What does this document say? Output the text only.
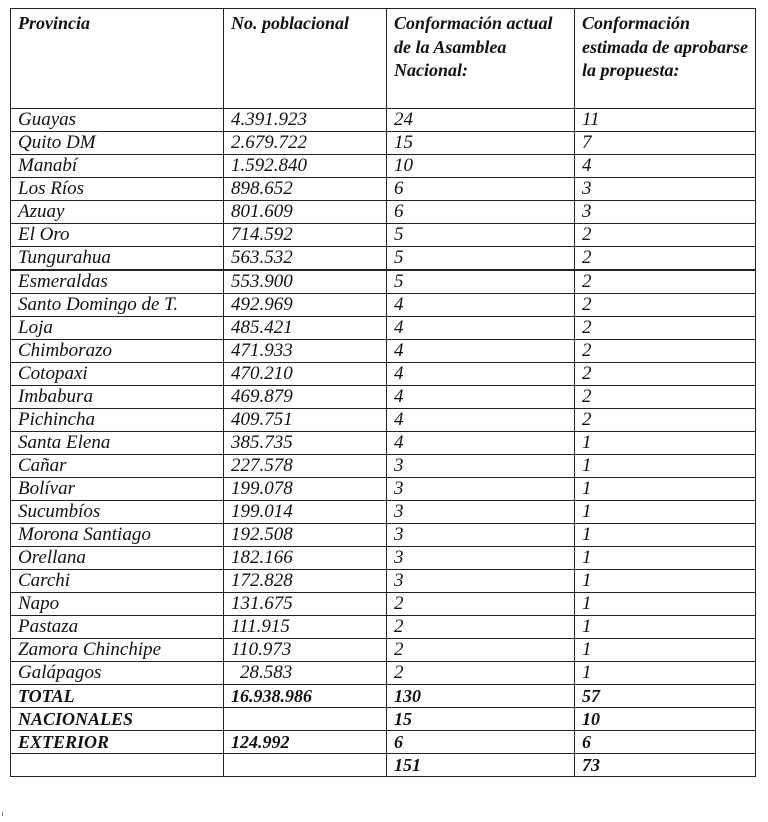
Provincia	No. poblacional	Conformación actual de la Asamblea Nacional:	Conformación estimada de aprobarse la propuesta:
Guayas	4.391.923	24	11
Quito DM	2.679.722	15	7
Manabí	1.592.840	10	4
Los Ríos	898.652	6	3
Azuay	801.609	6	3
El Oro	714.592	5	2
Tungurahua	563.532	5	2
Esmeraldas	553.900	5	2
Santo Domingo de T.	492.969	4	2
Loja	485.421	4	2
Chimborazo	471.933	4	2
Cotopaxi	470.210	4	2
Imbabura	469.879	4	2
Pichincha	409.751	4	2
Santa Elena	385.735	4	1
Cañar	227.578	3	1
Bolívar	199.078	3	1
Sucumbíos	199.014	3	1
Morona Santiago	192.508	3	1
Orellana	182.166	3	1
Carchi	172.828	3	1
Napo	131.675	2	1
Pastaza	111.915	2	1
Zamora Chinchipe	110.973	2	1
Galápagos	28.583	2	1
TOTAL	16.938.986	130	57
NACIONALES		15	10
EXTERIOR	124.992	6	6
		151	73
